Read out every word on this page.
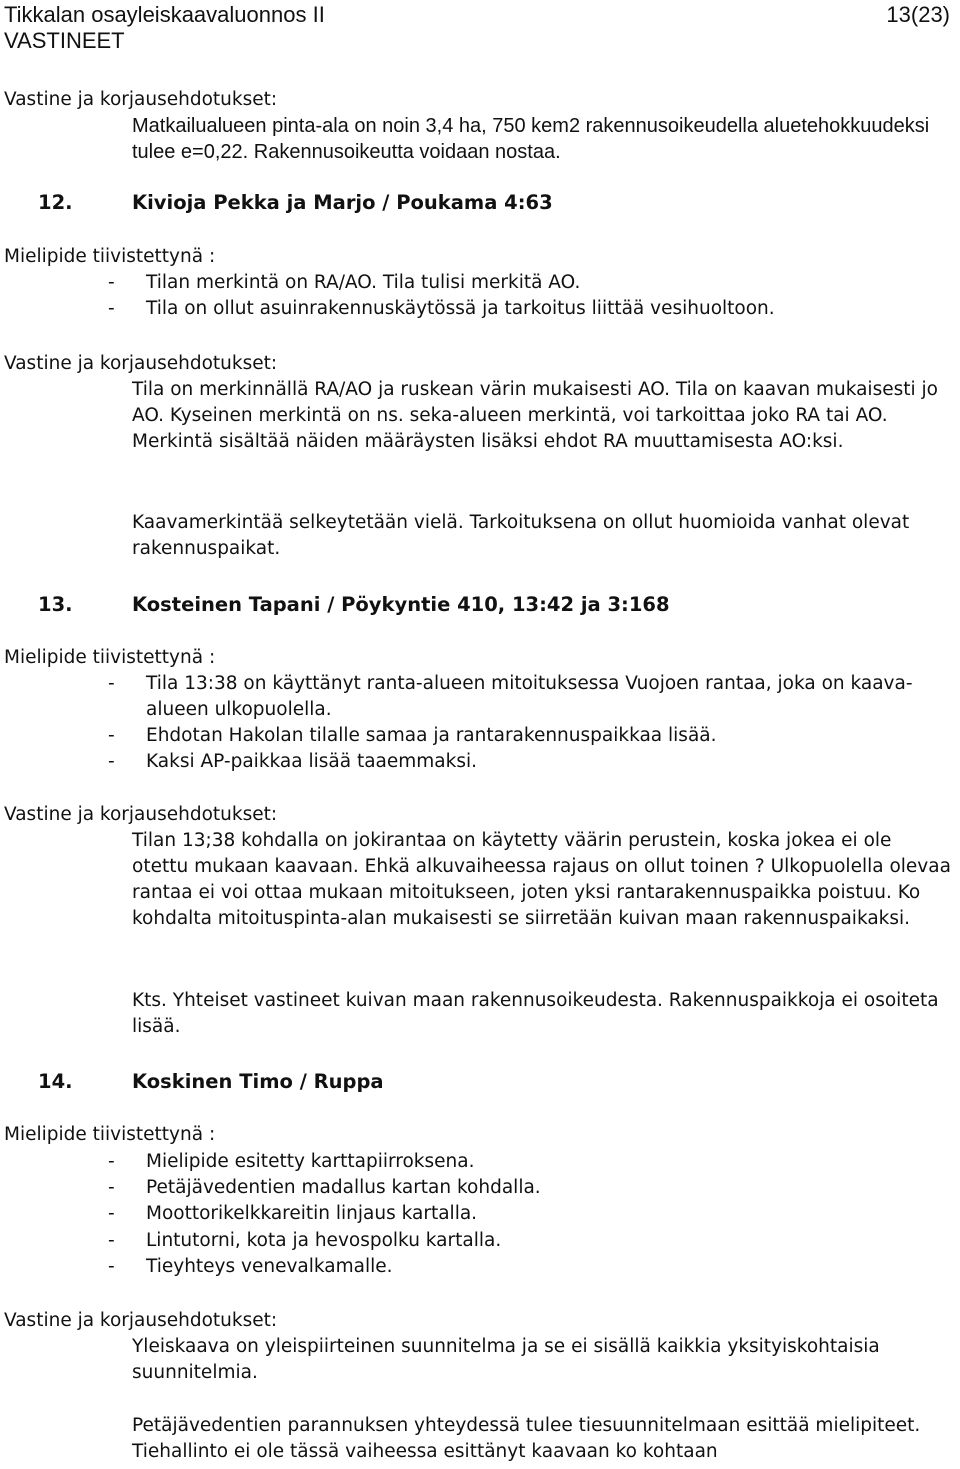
Tikkalan osayleiskaavaluonnos II	13(23)
VASTINEET
Vastine ja korjausehdotukset:
Matkailualueen pinta-ala on noin 3,4 ha, 750 kem2 rakennusoikeudella aluetehokkuudeksi tulee e=0,22. Rakennusoikeutta voidaan nostaa.
12.	Kivioja Pekka ja Marjo / Poukama 4:63
Mielipide tiivistettynä :
- Tilan merkintä on RA/AO. Tila tulisi merkitä AO.
- Tila on ollut asuinrakennuskäytössä ja tarkoitus liittää vesihuoltoon.
Vastine ja korjausehdotukset:
Tila on merkinnällä RA/AO ja ruskean värin mukaisesti AO. Tila on kaavan mukaisesti jo AO. Kyseinen merkintä on ns. seka-alueen merkintä, voi tarkoittaa joko RA tai AO. Merkintä sisältää näiden määräysten lisäksi ehdot RA muuttamisesta AO:ksi.
Kaavamerkintää selkeytetään vielä. Tarkoituksena on ollut huomioida vanhat olevat rakennuspaikat.
13.	Kosteinen Tapani / Pöykyntie 410, 13:42 ja 3:168
Mielipide tiivistettynä :
- Tila 13:38 on käyttänyt ranta-alueen mitoituksessa Vuojoen rantaa, joka on kaava-alueen ulkopuolella.
- Ehdotan Hakolan tilalle samaa ja rantarakennuspaikkaa lisää.
- Kaksi AP-paikkaa lisää taaemmaksi.
Vastine ja korjausehdotukset:
Tilan 13;38 kohdalla on jokirantaa on käytetty väärin perustein, koska jokea ei ole otettu mukaan kaavaan. Ehkä alkuvaiheessa rajaus on ollut toinen ? Ulkopuolella olevaa rantaa ei voi ottaa mukaan mitoitukseen, joten yksi rantarakennuspaikka poistuu. Ko kohdalta mitoituspinta-alan mukaisesti se siirretään kuivan maan rakennuspaikaksi.
Kts. Yhteiset vastineet kuivan maan rakennusoikeudesta. Rakennuspaikkoja ei osoiteta lisää.
14.	Koskinen Timo / Ruppa
Mielipide tiivistettynä :
- Mielipide esitetty karttapiirroksena.
- Petäjävedentien madallus kartan kohdalla.
- Moottorikelkkareitin linjaus kartalla.
- Lintutorni, kota ja hevospolku kartalla.
- Tieyhteys venevalkamalle.
Vastine ja korjausehdotukset:
Yleiskaava on yleispiirteinen suunnitelma ja se ei sisällä kaikkia yksityiskohtaisia suunnitelmia.
Petäjävedentien parannuksen yhteydessä tulee tiesuunnitelmaan esittää mielipiteet. Tiehallinto ei ole tässä vaiheessa esittänyt kaavaan ko kohtaan
